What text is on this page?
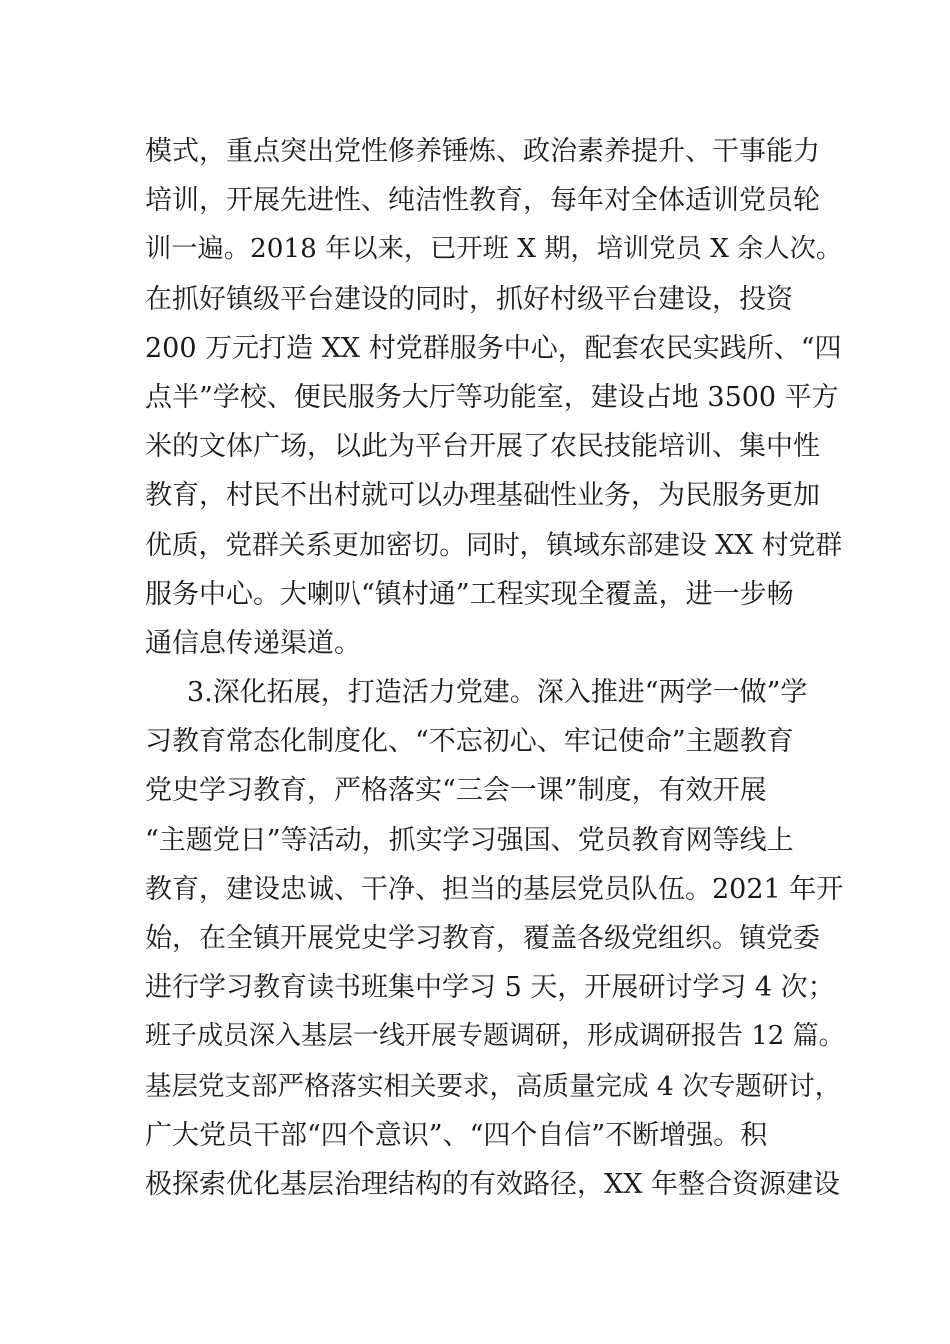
模式，重点突出党性修养锤炼、政治素养提升、干事能力
培训，开展先进性、纯洁性教育，每年对全体适训党员轮
训一遍。2018 年以来，已开班 X 期，培训党员 X 余人次。
在抓好镇级平台建设的同时，抓好村级平台建设，投资
200 万元打造 XX 村党群服务中心，配套农民实践所、“四
点半”学校、便民服务大厅等功能室，建设占地 3500 平方
米的文体广场，以此为平台开展了农民技能培训、集中性
教育，村民不出村就可以办理基础性业务，为民服务更加
优质，党群关系更加密切。同时，镇域东部建设 XX 村党群
服务中心。大喇叭“镇村通”工程实现全覆盖，进一步畅
通信息传递渠道。
3.深化拓展，打造活力党建。深入推进“两学一做”学
习教育常态化制度化、“不忘初心、牢记使命”主题教育
党史学习教育，严格落实“三会一课”制度，有效开展
“主题党日”等活动，抓实学习强国、党员教育网等线上
教育，建设忠诚、干净、担当的基层党员队伍。2021 年开
始，在全镇开展党史学习教育，覆盖各级党组织。镇党委
进行学习教育读书班集中学习 5 天，开展研讨学习 4 次；
班子成员深入基层一线开展专题调研，形成调研报告 12 篇。
基层党支部严格落实相关要求，高质量完成 4 次专题研讨，
广大党员干部“四个意识”、“四个自信”不断增强。积
极探索优化基层治理结构的有效路径，XX 年整合资源建设
